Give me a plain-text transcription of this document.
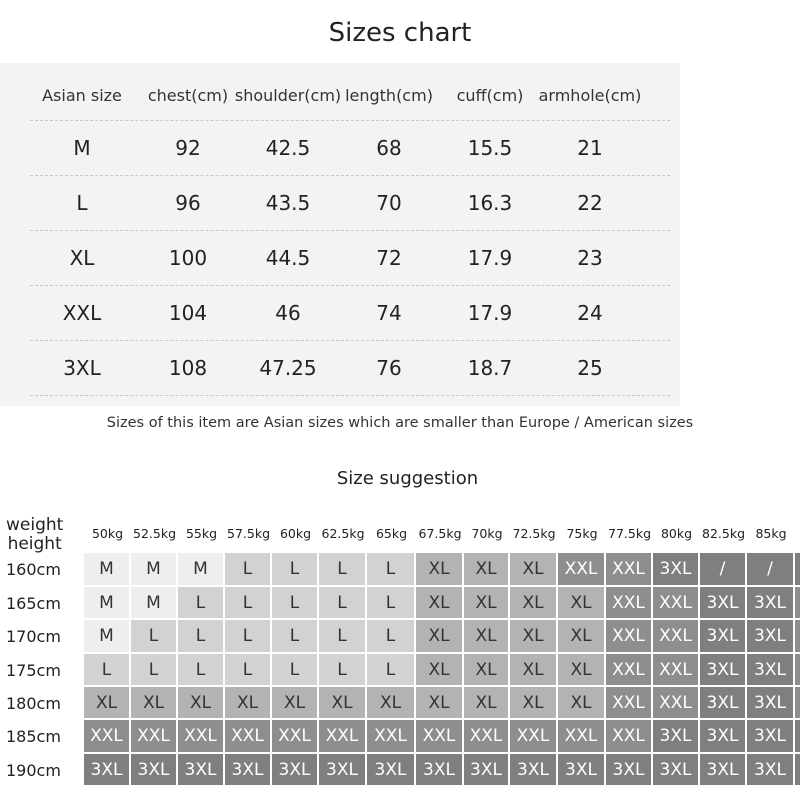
Sizes chart
Asian size chest(cm) shoulder(cm) length(cm) cuff(cm) armhole(cm)
M	92	42.5	68	15.5	21
L	96	43.5	70	16.3	22
XL	100	44.5	72	17.9	23
XXL	104	46	74	17.9	24
3XL	108	47.25	76	18.7	25
Sizes of this item are Asian sizes which are smaller than Europe / American sizes
Size suggestion
weight
height
50kg 52.5kg 55kg 57.5kg 60kg 62.5kg 65kg 67.5kg 70kg 72.5kg 75kg 77.5kg 80kg 82.5kg 85kg
160cm	M	M	M	L	L	L	L	XL	XL	XL	XXL XXL 3XL	/	/
165cm	M	M	L	L	L	L	L	XL	XL	XL	XL	XXL XXL 3XL 3XL
170cm	M	L	L	L	L	L	L	XL	XL	XL	XL	XXL XXL 3XL 3XL
175cm	L	L	L	L	L	L	L	XL	XL	XL	XL	XXL XXL 3XL 3XL
180cm	XL	XL	XL	XL	XL	XL	XL	XL	XL	XL	XL	XXL XXL 3XL 3XL
185cm	XXL XXL XXL XXL XXL XXL XXL XXL XXL XXL XXL XXL 3XL 3XL 3XL
190cm	3XL 3XL 3XL 3XL 3XL 3XL 3XL 3XL 3XL 3XL 3XL 3XL 3XL 3XL 3XL
